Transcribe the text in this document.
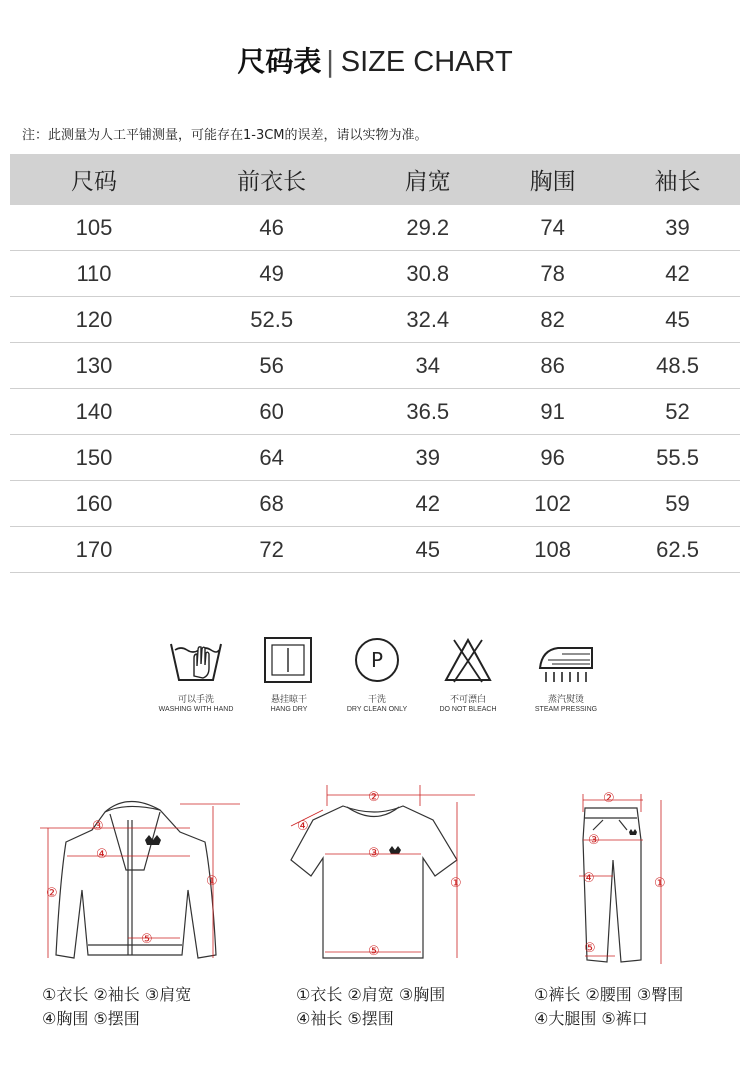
尺码表 | SIZE CHART
注：此测量为人工平铺测量，可能存在1-3CM的误差，请以实物为准。
尺码	前衣长	肩宽	胸围	袖长
105	46	29.2	74	39
110	49	30.8	78	42
120	52.5	32.4	82	45
130	56	34	86	48.5
140	60	36.5	91	52
150	64	39	96	55.5
160	68	42	102	59
170	72	45	108	62.5
可以手洗
WASHING WITH HAND
悬挂晾干
HANG DRY
P
干洗
DRY CLEAN ONLY
不可漂白
DO NOT BLEACH
蒸汽熨烫
STEAM PRESSING
③
④
②
①
⑤
②
④
③
①
⑤
②
③
④	①
⑤
①衣长 ②袖长 ③肩宽
④胸围 ⑤摆围
①衣长 ②肩宽 ③胸围
④袖长 ⑤摆围
①裤长 ②腰围 ③臀围
④大腿围 ⑤裤口
